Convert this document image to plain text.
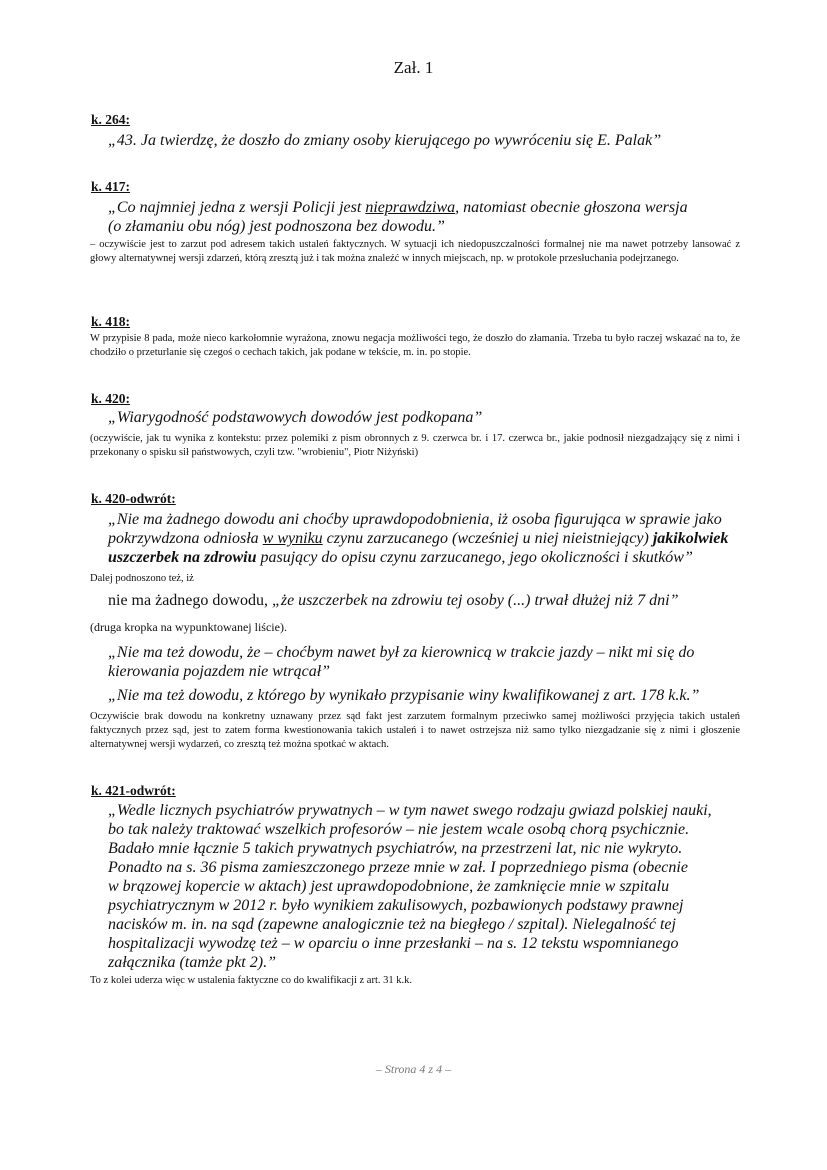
Zał. 1
k. 264:
„43. Ja twierdzę, że doszło do zmiany osoby kierującego po wywróceniu się E. Palak”
k. 417:
„Co najmniej jedna z wersji Policji jest nieprawdziwa, natomiast obecnie głoszona wersja
(o złamaniu obu nóg) jest podnoszona bez dowodu.”
– oczywiście jest to zarzut pod adresem takich ustaleń faktycznych. W sytuacji ich niedopuszczalności formalnej nie ma nawet potrzeby lansować z głowy alternatywnej wersji zdarzeń, którą zresztą już i tak można znaleźć w innych miejscach, np. w protokole przesłuchania podejrzanego.
k. 418:
W przypisie 8 pada, może nieco karkołomnie wyrażona, znowu negacja możliwości tego, że doszło do złamania. Trzeba tu było raczej wskazać na to, że chodziło o przeturlanie się czegoś o cechach takich, jak podane w tekście, m. in. po stopie.
k. 420:
„Wiarygodność podstawowych dowodów jest podkopana”
(oczywiście, jak tu wynika z kontekstu: przez polemiki z pism obronnych z 9. czerwca br. i 17. czerwca br., jakie podnosił niezgadzający się z nimi i przekonany o spisku sił państwowych, czyli tzw. "wrobieniu", Piotr Niżyński)
k. 420-odwrót:
„Nie ma żadnego dowodu ani choćby uprawdopodobnienia, iż osoba figurująca w sprawie jako
pokrzywdzona odniosła w wyniku czynu zarzucanego (wcześniej u niej nieistniejący) jakikolwiek
uszczerbek na zdrowiu pasujący do opisu czynu zarzucanego, jego okoliczności i skutków”
Dalej podnoszono też, iż
nie ma żadnego dowodu, „że uszczerbek na zdrowiu tej osoby (...) trwał dłużej niż 7 dni”
(druga kropka na wypunktowanej liście).
„Nie ma też dowodu, że – choćbym nawet był za kierownicą w trakcie jazdy – nikt mi się do
kierowania pojazdem nie wtrącał”
„Nie ma też dowodu, z którego by wynikało przypisanie winy kwalifikowanej z art. 178 k.k.”
Oczywiście brak dowodu na konkretny uznawany przez sąd fakt jest zarzutem formalnym przeciwko samej możliwości przyjęcia takich ustaleń faktycznych przez sąd, jest to zatem forma kwestionowania takich ustaleń i to nawet ostrzejsza niż samo tylko niezgadzanie się z nimi i głoszenie alternatywnej wersji wydarzeń, co zresztą też można spotkać w aktach.
k. 421-odwrót:
„Wedle licznych psychiatrów prywatnych – w tym nawet swego rodzaju gwiazd polskiej nauki,
bo tak należy traktować wszelkich profesorów – nie jestem wcale osobą chorą psychicznie.
Badało mnie łącznie 5 takich prywatnych psychiatrów, na przestrzeni lat, nic nie wykryto.
Ponadto na s. 36 pisma zamieszczonego przeze mnie w zał. I poprzedniego pisma (obecnie
w brązowej kopercie w aktach) jest uprawdopodobnione, że zamknięcie mnie w szpitalu
psychiatrycznym w 2012 r. było wynikiem zakulisowych, pozbawionych podstawy prawnej
nacisków m. in. na sąd (zapewne analogicznie też na biegłego / szpital). Nielegalność tej
hospitalizacji wywodzę też – w oparciu o inne przesłanki – na s. 12 tekstu wspomnianego
załącznika (tamże pkt 2).”
To z kolei uderza więc w ustalenia faktyczne co do kwalifikacji z art. 31 k.k.
– Strona 4 z 4 –
